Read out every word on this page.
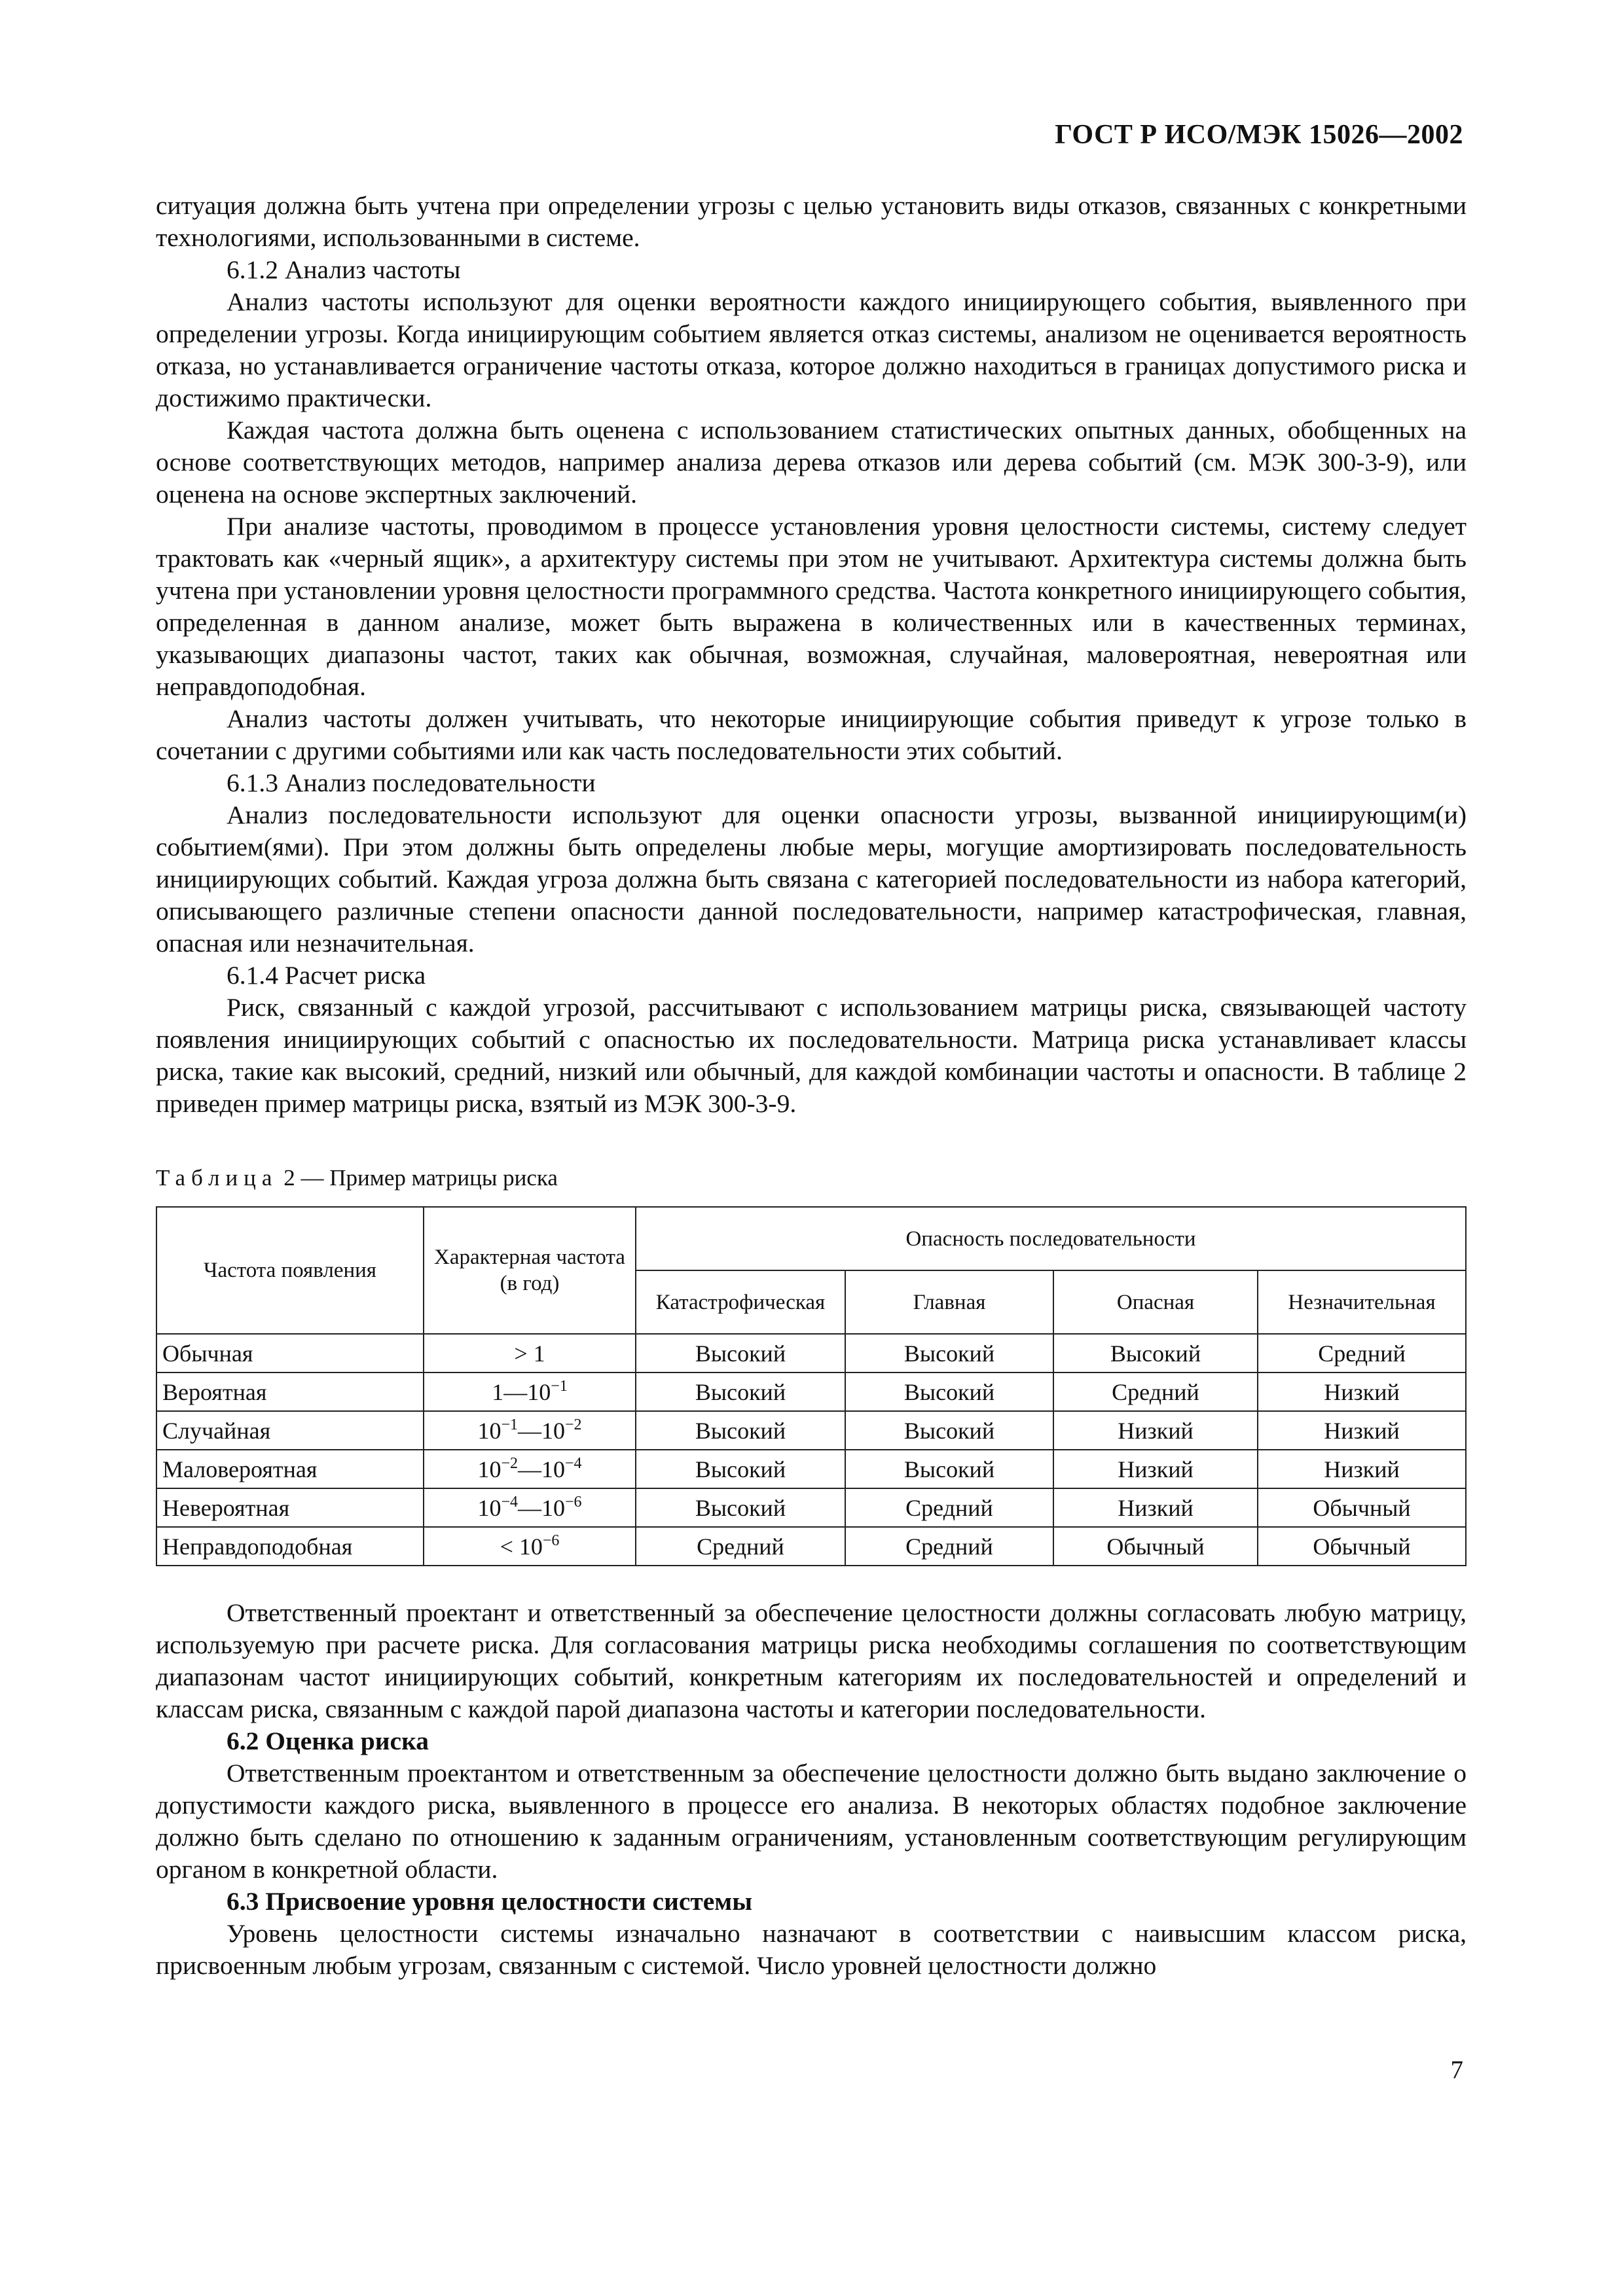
ГОСТ Р ИСО/МЭК 15026—2002

ситуация должна быть учтена при определении угрозы с целью установить виды отказов, связанных с конкретными технологиями, использованными в системе.

6.1.2 Анализ частоты

Анализ частоты используют для оценки вероятности каждого инициирующего события, выявленного при определении угрозы. Когда инициирующим событием является отказ системы, анализом не оценивается вероятность отказа, но устанавливается ограничение частоты отказа, которое должно находиться в границах допустимого риска и достижимо практически.

Каждая частота должна быть оценена с использованием статистических опытных данных, обобщенных на основе соответствующих методов, например анализа дерева отказов или дерева событий (см. МЭК 300-3-9), или оценена на основе экспертных заключений.

При анализе частоты, проводимом в процессе установления уровня целостности системы, систему следует трактовать как «черный ящик», а архитектуру системы при этом не учитывают. Архитектура системы должна быть учтена при установлении уровня целостности программного средства. Частота конкретного инициирующего события, определенная в данном анализе, может быть выражена в количественных или в качественных терминах, указывающих диапазоны частот, таких как обычная, возможная, случайная, маловероятная, невероятная или неправдоподобная.

Анализ частоты должен учитывать, что некоторые инициирующие события приведут к угрозе только в сочетании с другими событиями или как часть последовательности этих событий.

6.1.3 Анализ последовательности

Анализ последовательности используют для оценки опасности угрозы, вызванной инициирующим(и) событием(ями). При этом должны быть определены любые меры, могущие амортизировать последовательность инициирующих событий. Каждая угроза должна быть связана с категорией последовательности из набора категорий, описывающего различные степени опасности данной последовательности, например катастрофическая, главная, опасная или незначительная.

6.1.4 Расчет риска

Риск, связанный с каждой угрозой, рассчитывают с использованием матрицы риска, связывающей частоту появления инициирующих событий с опасностью их последовательности. Матрица риска устанавливает классы риска, такие как высокий, средний, низкий или обычный, для каждой комбинации частоты и опасности. В таблице 2 приведен пример матрицы риска, взятый из МЭК 300-3-9.

Таблица 2 — Пример матрицы риска
Частота появления	Характерная частота (в год)	Опасность последовательности			
		Катастрофическая	Главная	Опасная	Незначительная
Обычная	> 1	Высокий	Высокий	Высокий	Средний
Вероятная	$1—10^{-1}$	Высокий	Высокий	Средний	Низкий
Случайная	$10^{-1}—10^{-2}$	Высокий	Высокий	Низкий	Низкий
Маловероятная	$10^{-2}—10^{-4}$	Высокий	Высокий	Низкий	Низкий
Невероятная	$10^{-4}—10^{-6}$	Высокий	Средний	Низкий	Обычный
Неправдоподобная	< $10^{-6}$	Средний	Средний	Обычный	Обычный

Ответственный проектант и ответственный за обеспечение целостности должны согласовать любую матрицу, используемую при расчете риска. Для согласования матрицы риска необходимы соглашения по соответствующим диапазонам частот инициирующих событий, конкретным категориям их последовательностей и определений и классам риска, связанным с каждой парой диапазона частоты и категории последовательности.

6.2 Оценка риска

Ответственным проектантом и ответственным за обеспечение целостности должно быть выдано заключение о допустимости каждого риска, выявленного в процессе его анализа. В некоторых областях подобное заключение должно быть сделано по отношению к заданным ограничениям, установленным соответствующим регулирующим органом в конкретной области.

6.3 Присвоение уровня целостности системы

Уровень целостности системы изначально назначают в соответствии с наивысшим классом риска, присвоенным любым угрозам, связанным с системой. Число уровней целостности должно

7
